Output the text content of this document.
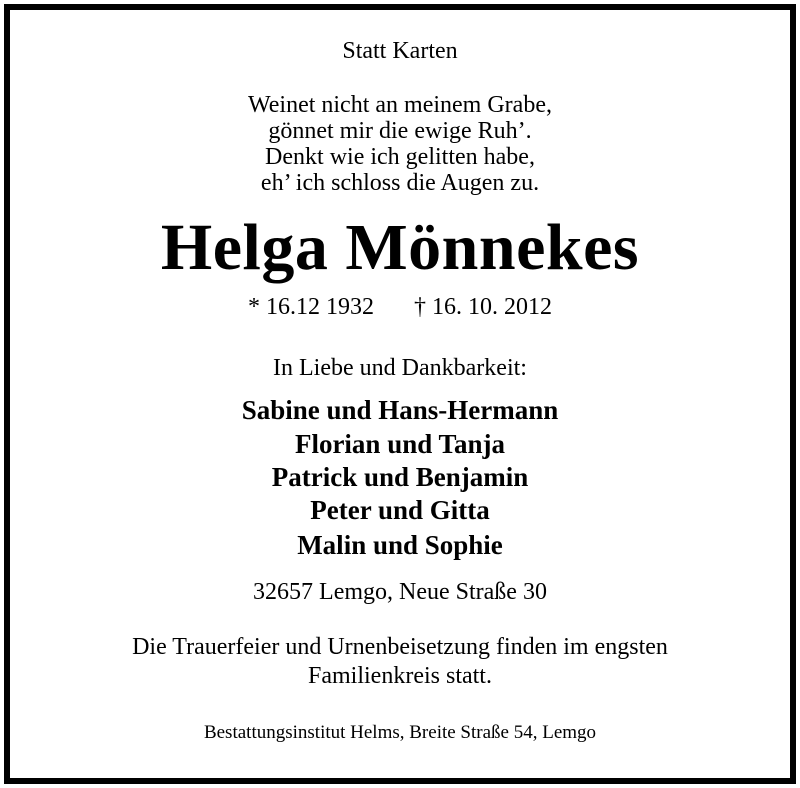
Statt Karten
Weinet nicht an meinem Grabe,
gönnet mir die ewige Ruh’.
Denkt wie ich gelitten habe,
eh’ ich schloss die Augen zu.
Helga Mönnekes
* 16.12 1932 † 16. 10. 2012
In Liebe und Dankbarkeit:
Sabine und Hans-Hermann
Florian und Tanja
Patrick und Benjamin
Peter und Gitta
Malin und Sophie
32657 Lemgo, Neue Straße 30
Die Trauerfeier und Urnenbeisetzung finden im engsten
Familienkreis statt.
Bestattungsinstitut Helms, Breite Straße 54, Lemgo
